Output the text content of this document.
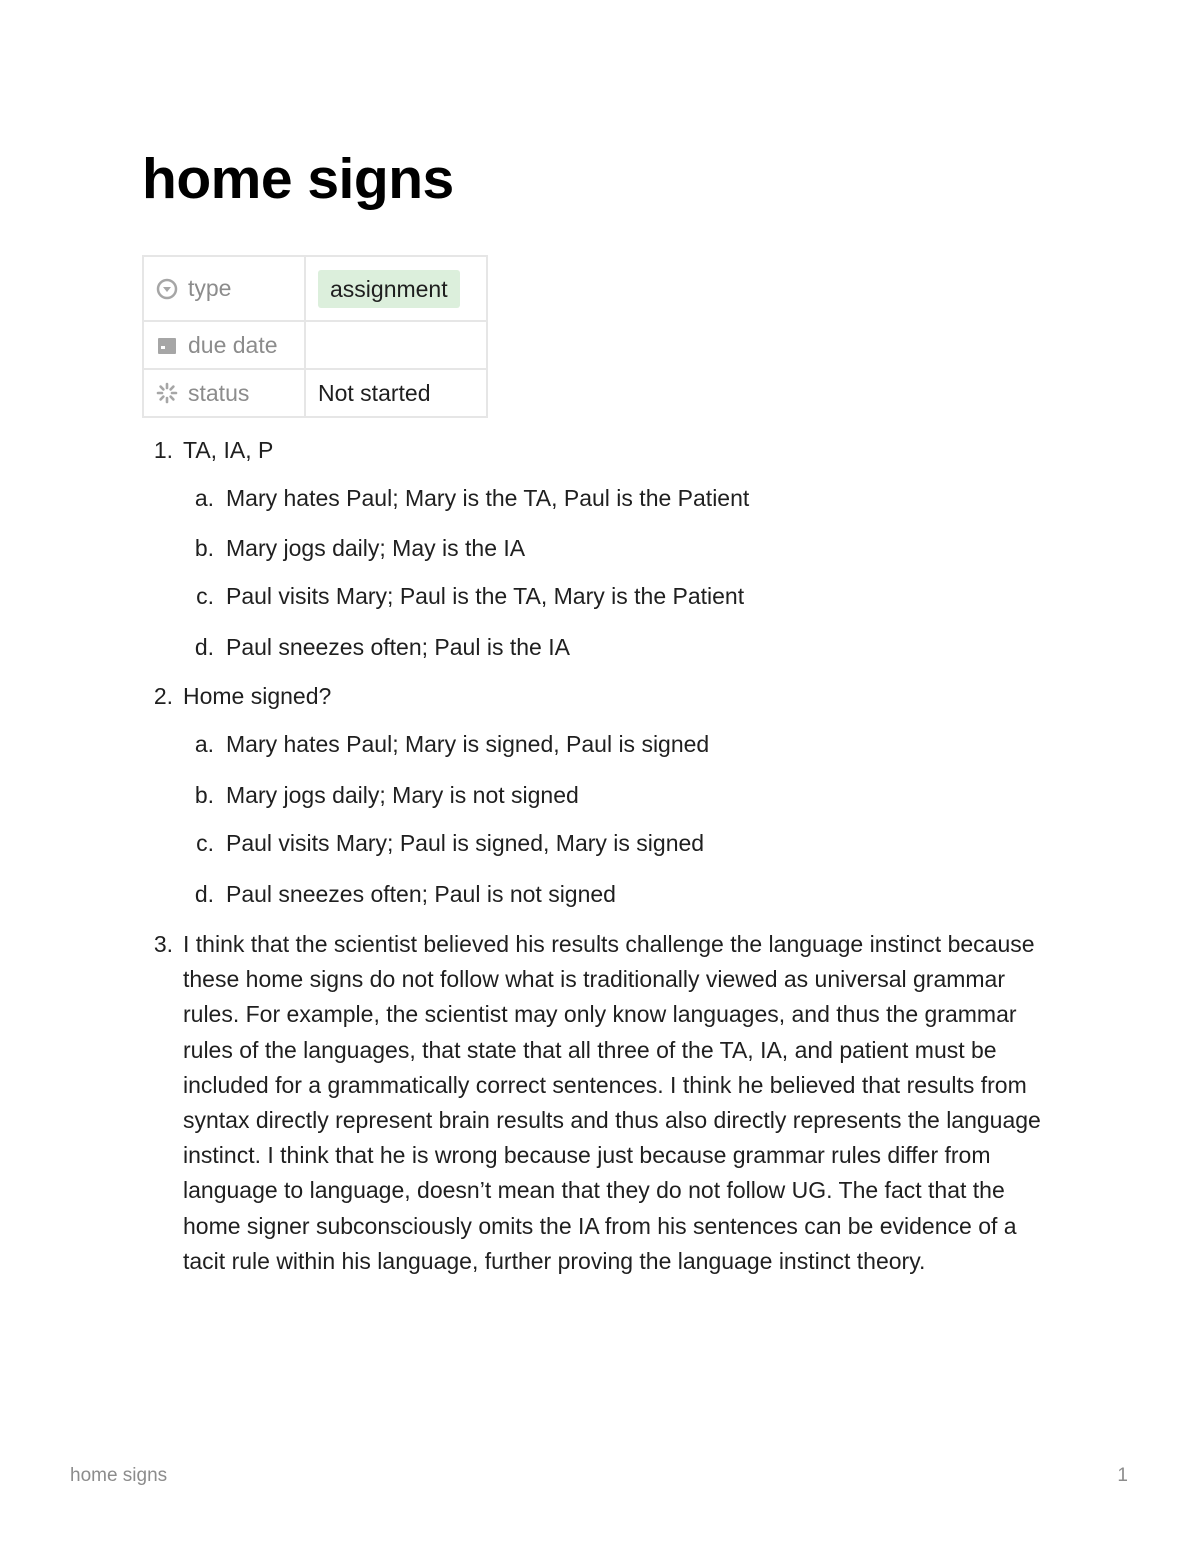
home signs
type	assignment

due date	

status	Not started
1. TA, IA, P
a. Mary hates Paul; Mary is the TA, Paul is the Patient
b. Mary jogs daily; May is the IA
c. Paul visits Mary; Paul is the TA, Mary is the Patient
d. Paul sneezes often; Paul is the IA
2. Home signed?
a. Mary hates Paul; Mary is signed, Paul is signed
b. Mary jogs daily; Mary is not signed
c. Paul visits Mary; Paul is signed, Mary is signed
d. Paul sneezes often; Paul is not signed
3. I think that the scientist believed his results challenge the language instinct because these home signs do not follow what is traditionally viewed as universal grammar rules. For example, the scientist may only know languages, and thus the grammar rules of the languages, that state that all three of the TA, IA, and patient must be included for a grammatically correct sentences. I think he believed that results from syntax directly represent brain results and thus also directly represents the language instinct. I think that he is wrong because just because grammar rules differ from language to language, doesn’t mean that they do not follow UG. The fact that the home signer subconsciously omits the IA from his sentences can be evidence of a tacit rule within his language, further proving the language instinct theory.
home signs	1
